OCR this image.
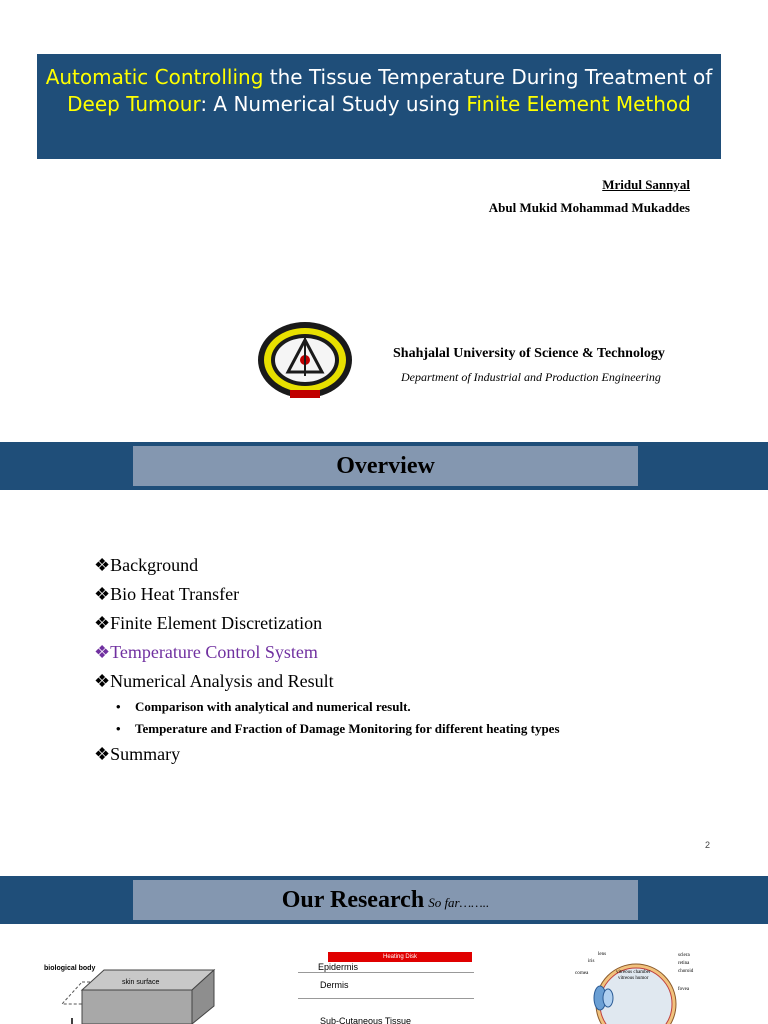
Automatic Controlling the Tissue Temperature During Treatment of Deep Tumour: A Numerical Study using Finite Element Method
Mridul Sannyal
Abul Mukid Mohammad Mukaddes
Shahjalal University of Science & Technology
Department of Industrial and Production Engineering
Overview
❖Background
❖Bio Heat Transfer
❖Finite Element Discretization
❖Temperature Control System
❖Numerical Analysis and Result
• Comparison with analytical and numerical result.
• Temperature and Fraction of Damage Monitoring for different heating types
❖Summary
2
Our Research So far……..
biological body
skin surface
Heating Disk
Epidermis
Dermis
Sub-Cutaneous Tissue
lens
iris
cornea
sclera
retina
choroid
vitreous chamber
vitreous humor
fovea
